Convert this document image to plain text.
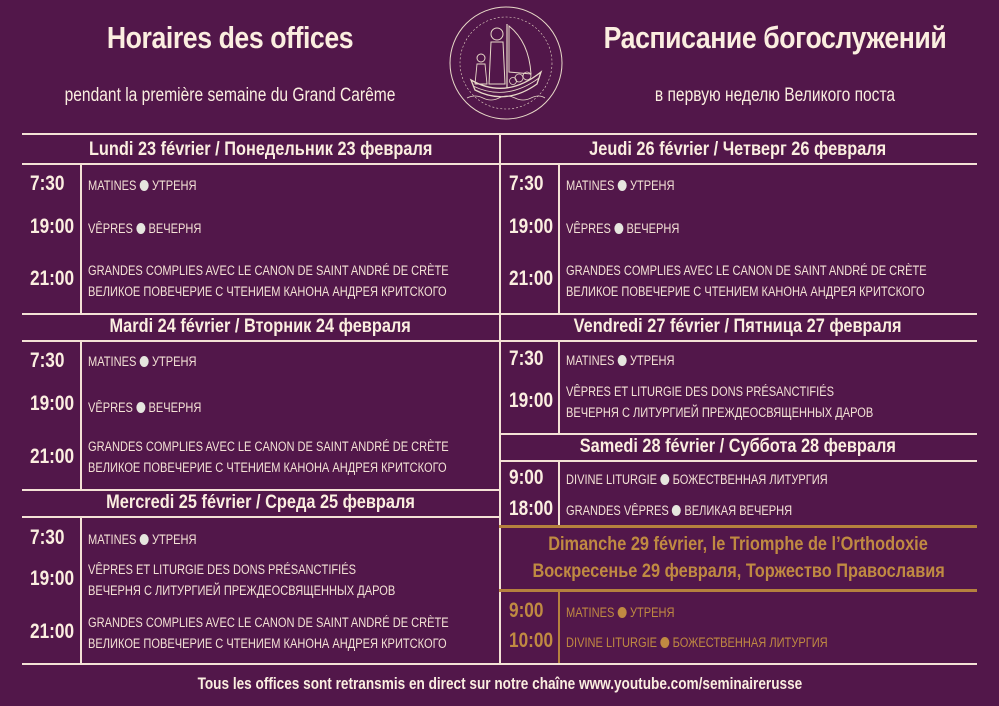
Horaires des offices
pendant la première semaine du Grand Carême
Расписание богослужений
в первую неделю Великого поста
Lundi 23 février / Понедельник 23 февраля
7:30 MATINES УТРЕНЯ
19:00 VÊPRES ВЕЧЕРНЯ
21:00 GRANDES COMPLIES AVEC LE CANON DE SAINT ANDRÉ DE CRÈTE
ВЕЛИКОЕ ПОВЕЧЕРИЕ С ЧТЕНИЕМ КАНОНА АНДРЕЯ КРИТСКОГО
Mardi 24 février / Вторник 24 февраля
7:30 MATINES УТРЕНЯ
19:00 VÊPRES ВЕЧЕРНЯ
21:00 GRANDES COMPLIES AVEC LE CANON DE SAINT ANDRÉ DE CRÈTE
ВЕЛИКОЕ ПОВЕЧЕРИЕ С ЧТЕНИЕМ КАНОНА АНДРЕЯ КРИТСКОГО
Mercredi 25 février / Среда 25 февраля
7:30 MATINES УТРЕНЯ
19:00 VÊPRES ET LITURGIE DES DONS PRÉSANCTIFIÉS
ВЕЧЕРНЯ С ЛИТУРГИЕЙ ПРЕЖДЕОСВЯЩЕННЫХ ДАРОВ
21:00 GRANDES COMPLIES AVEC LE CANON DE SAINT ANDRÉ DE CRÈTE
ВЕЛИКОЕ ПОВЕЧЕРИЕ С ЧТЕНИЕМ КАНОНА АНДРЕЯ КРИТСКОГО
Jeudi 26 février / Четверг 26 февраля
7:30 MATINES УТРЕНЯ
19:00 VÊPRES ВЕЧЕРНЯ
21:00 GRANDES COMPLIES AVEC LE CANON DE SAINT ANDRÉ DE CRÈTE
ВЕЛИКОЕ ПОВЕЧЕРИЕ С ЧТЕНИЕМ КАНОНА АНДРЕЯ КРИТСКОГО
Vendredi 27 février / Пятница 27 февраля
7:30 MATINES УТРЕНЯ
19:00 VÊPRES ET LITURGIE DES DONS PRÉSANCTIFIÉS
ВЕЧЕРНЯ С ЛИТУРГИЕЙ ПРЕЖДЕОСВЯЩЕННЫХ ДАРОВ
Samedi 28 février / Суббота 28 февраля
9:00 DIVINE LITURGIE БОЖЕСТВЕННАЯ ЛИТУРГИЯ
18:00 GRANDES VÊPRES ВЕЛИКАЯ ВЕЧЕРНЯ
Dimanche 29 février, le Triomphe de l’Orthodoxie
Воскресенье 29 февраля, Торжество Православия
9:00 MATINES УТРЕНЯ
10:00 DIVINE LITURGIE БОЖЕСТВЕННАЯ ЛИТУРГИЯ
Tous les offices sont retransmis en direct sur notre chaîne www.youtube.com/seminairerusse
